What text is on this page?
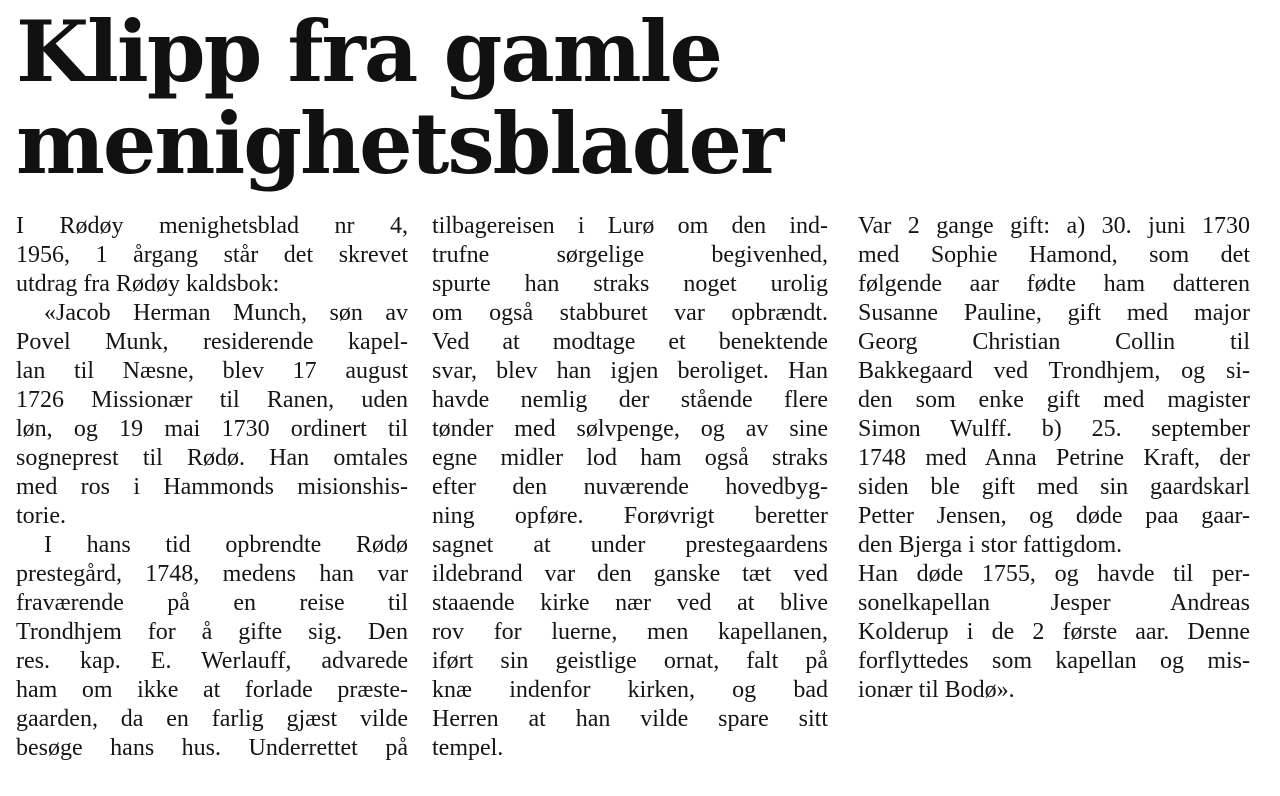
Klipp fra gamle
menighetsblader
I Rødøy menighetsblad nr 4,
1956, 1 årgang står det skrevet
utdrag fra Rødøy kaldsbok:
«Jacob Herman Munch, søn av
Povel Munk, residerende kapel-
lan til Næsne, blev 17 august
1726 Missionær til Ranen, uden
løn, og 19 mai 1730 ordinert til
sogneprest til Rødø. Han omtales
med ros i Hammonds misionshis-
torie.
I hans tid opbrendte Rødø
prestegård, 1748, medens han var
fraværende på en reise til
Trondhjem for å gifte sig. Den
res. kap. E. Werlauff, advarede
ham om ikke at forlade præste-
gaarden, da en farlig gjæst vilde
besøge hans hus. Underrettet på
tilbagereisen i Lurø om den ind-
trufne sørgelige begivenhed,
spurte han straks noget urolig
om også stabburet var opbrændt.
Ved at modtage et benektende
svar, blev han igjen beroliget. Han
havde nemlig der stående flere
tønder med sølvpenge, og av sine
egne midler lod ham også straks
efter den nuværende hovedbyg-
ning opføre. Forøvrigt beretter
sagnet at under prestegaardens
ildebrand var den ganske tæt ved
staaende kirke nær ved at blive
rov for luerne, men kapellanen,
iført sin geistlige ornat, falt på
knæ indenfor kirken, og bad
Herren at han vilde spare sitt
tempel.
Var 2 gange gift: a) 30. juni 1730
med Sophie Hamond, som det
følgende aar fødte ham datteren
Susanne Pauline, gift med major
Georg Christian Collin til
Bakkegaard ved Trondhjem, og si-
den som enke gift med magister
Simon Wulff. b) 25. september
1748 med Anna Petrine Kraft, der
siden ble gift med sin gaardskarl
Petter Jensen, og døde paa gaar-
den Bjerga i stor fattigdom.
Han døde 1755, og havde til per-
sonelkapellan Jesper Andreas
Kolderup i de 2 første aar. Denne
forflyttedes som kapellan og mis-
ionær til Bodø».
